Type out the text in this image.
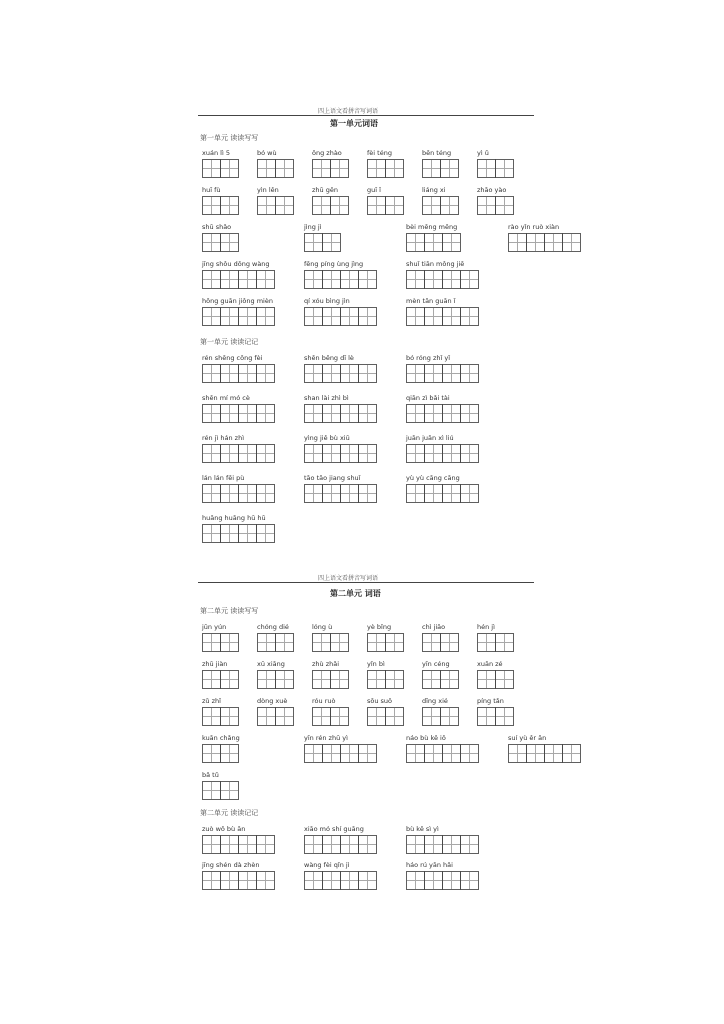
四上语文看拼音写词语
第一单元词语
第一单元 读读写写
xuán lì 5	bó wù	ǒng zhào	fèi téng	bēn téng	yì ǔ
huī fù	yìn lěn	zhū gěn	guī ǐ	liáng xi	zhāo yào
shū shǎo	jìng jì	bèi mēng mēng	rào yǐn ruò xiàn
jīng shǒu dōng wàng	fēng píng ùng jìng	shuǐ tiān mǒng jiē
hōng guān jiǒng mièn	qí xóu bìng jìn	mèn tān guān ǐ
第一单元 读读记记
rén shēng cōng fèi	shēn bēng dī lè	bó róng zhǐ yǐ
shēn mí mó cè	shan lài zhì bì	qiān zì bǎi tài
rén jì hán zhì	yìng jiě bù xiū	juān juān xì liú
lán lán fēi pù	tāo tāo jiang shuǐ	yù yù cāng cāng
huāng huāng hū hū
四上语文看拼音写词语
第二单元 词语
第二单元 读读写写
jūn yún	chóng dié	lóng ù	yè bǐng	chì jiāo	hén jì
zhū jiàn	xū xiāng	zhù zhǎi	yǐn bì	yīn céng	xuān zé
zǔ zhǐ	dòng xuè	róu ruò	sōu suǒ	dīng xié	píng tǎn
kuān chǎng	yīn rén zhū yì	náo bù kě iǒ	suí yù ěr ān
bǎ tǔ
第二单元 读读记记
zuò wǒ bù ān	xiāo mó shí guāng	bù kě sì yì
jīng shén dà zhèn	wàng fèi qǐn jì	háo rú yān hǎi
